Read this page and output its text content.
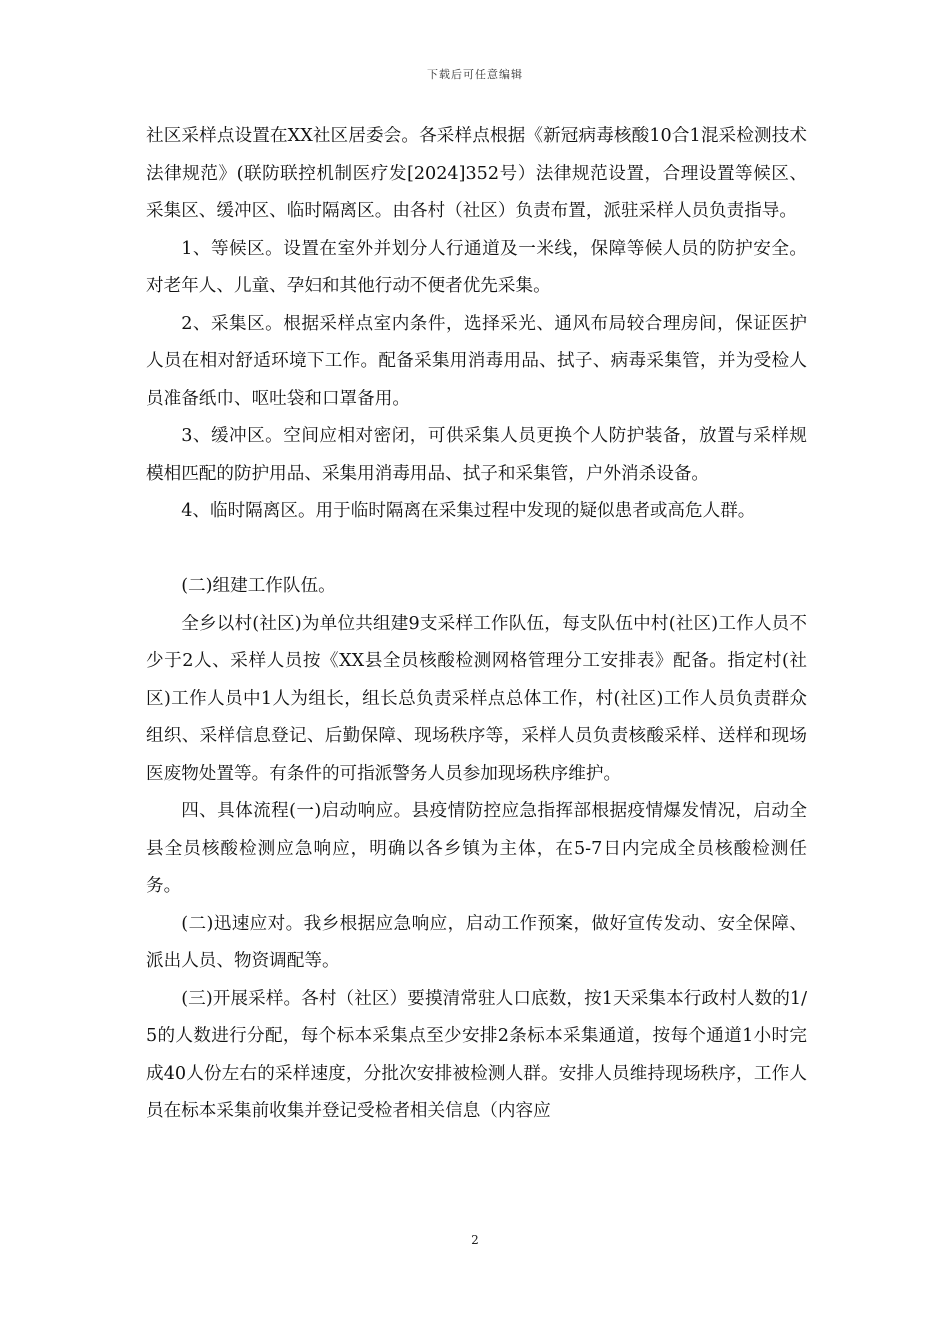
下载后可任意编辑

社区采样点设置在XX社区居委会。各采样点根据《新冠病毒核酸10合1混采检测技术法律规范》(联防联控机制医疗发[2024]352号）法律规范设置，合理设置等候区、采集区、缓冲区、临时隔离区。由各村（社区）负责布置，派驻采样人员负责指导。

1、等候区。设置在室外并划分人行通道及一米线，保障等候人员的防护安全。对老年人、儿童、孕妇和其他行动不便者优先采集。

2、采集区。根据采样点室内条件，选择采光、通风布局较合理房间，保证医护人员在相对舒适环境下工作。配备采集用消毒用品、拭子、病毒采集管，并为受检人员准备纸巾、呕吐袋和口罩备用。

3、缓冲区。空间应相对密闭，可供采集人员更换个人防护装备，放置与采样规模相匹配的防护用品、采集用消毒用品、拭子和采集管，户外消杀设备。

4、临时隔离区。用于临时隔离在采集过程中发现的疑似患者或高危人群。

(二)组建工作队伍。

全乡以村(社区)为单位共组建9支采样工作队伍，每支队伍中村(社区)工作人员不少于2人、采样人员按《XX县全员核酸检测网格管理分工安排表》配备。指定村(社区)工作人员中1人为组长，组长总负责采样点总体工作，村(社区)工作人员负责群众组织、采样信息登记、后勤保障、现场秩序等，采样人员负责核酸采样、送样和现场医废物处置等。有条件的可指派警务人员参加现场秩序维护。

四、具体流程(一)启动响应。县疫情防控应急指挥部根据疫情爆发情况，启动全县全员核酸检测应急响应，明确以各乡镇为主体，在5-7日内完成全员核酸检测任务。

(二)迅速应对。我乡根据应急响应，启动工作预案，做好宣传发动、安全保障、派出人员、物资调配等。

(三)开展采样。各村（社区）要摸清常驻人口底数，按1天采集本行政村人数的1/5的人数进行分配，每个标本采集点至少安排2条标本采集通道，按每个通道1小时完成40人份左右的采样速度，分批次安排被检测人群。安排人员维持现场秩序，工作人员在标本采集前收集并登记受检者相关信息（内容应

2
